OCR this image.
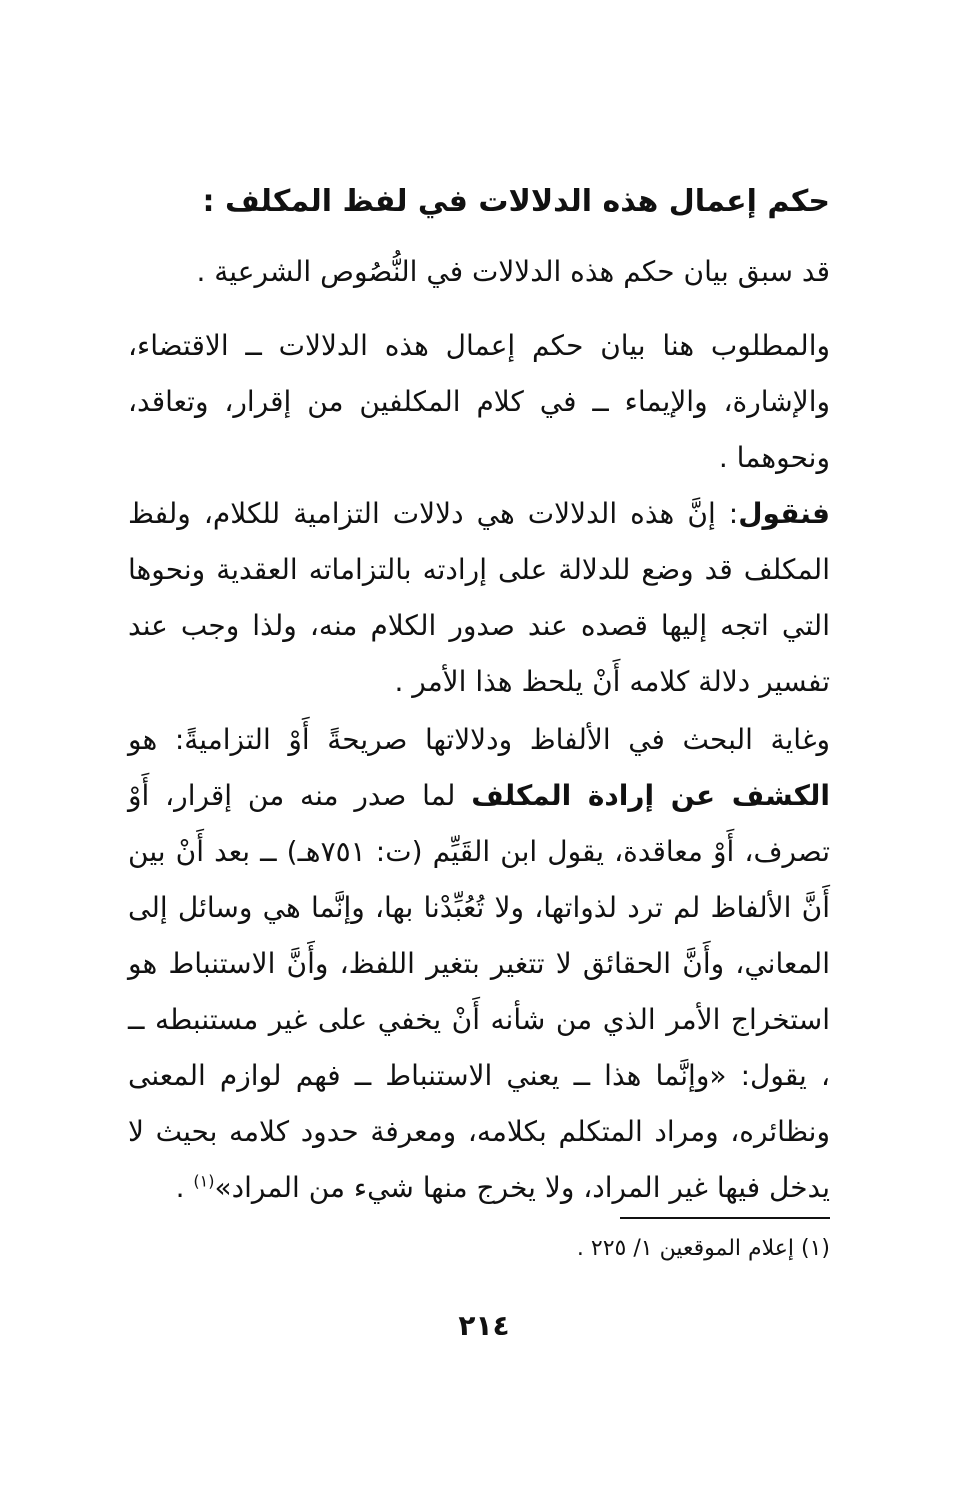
حكم إعمال هذه الدلالات في لفظ المكلف :
قد سبق بيان حكم هذه الدلالات في النُّصُوص الشرعية .
والمطلوب هنا بيان حكم إعمال هذه الدلالات ــ الاقتضاء، والإشارة، والإيماء ــ في كلام المكلفين من إقرار، وتعاقد، ونحوهما .
فنقول: إنَّ هذه الدلالات هي دلالات التزامية للكلام، ولفظ المكلف قد وضع للدلالة على إرادته بالتزاماته العقدية ونحوها التي اتجه إليها قصده عند صدور الكلام منه، ولذا وجب عند تفسير دلالة كلامه أَنْ يلحظ هذا الأمر .
وغاية البحث في الألفاظ ودلالاتها صريحةً أَوْ التزاميةً: هو الكشف عن إرادة المكلف لما صدر منه من إقرار، أَوْ تصرف، أَوْ معاقدة، يقول ابن القَيِّم (ت: ٧٥١هـ) ــ بعد أَنْ بين أَنَّ الألفاظ لم ترد لذواتها، ولا تُعُبِّدْنا بها، وإنَّما هي وسائل إلى المعاني، وأَنَّ الحقائق لا تتغير بتغير اللفظ، وأَنَّ الاستنباط هو استخراج الأمر الذي من شأنه أَنْ يخفي على غير مستنبطه ــ ، يقول: «وإنَّما هذا ــ يعني الاستنباط ــ فهم لوازم المعنى ونظائره، ومراد المتكلم بكلامه، ومعرفة حدود كلامه بحيث لا يدخل فيها غير المراد، ولا يخرج منها شيء من المراد»$^{(١)}$ .
(١) إعلام الموقعين ١/ ٢٢٥ .
٢١٤
